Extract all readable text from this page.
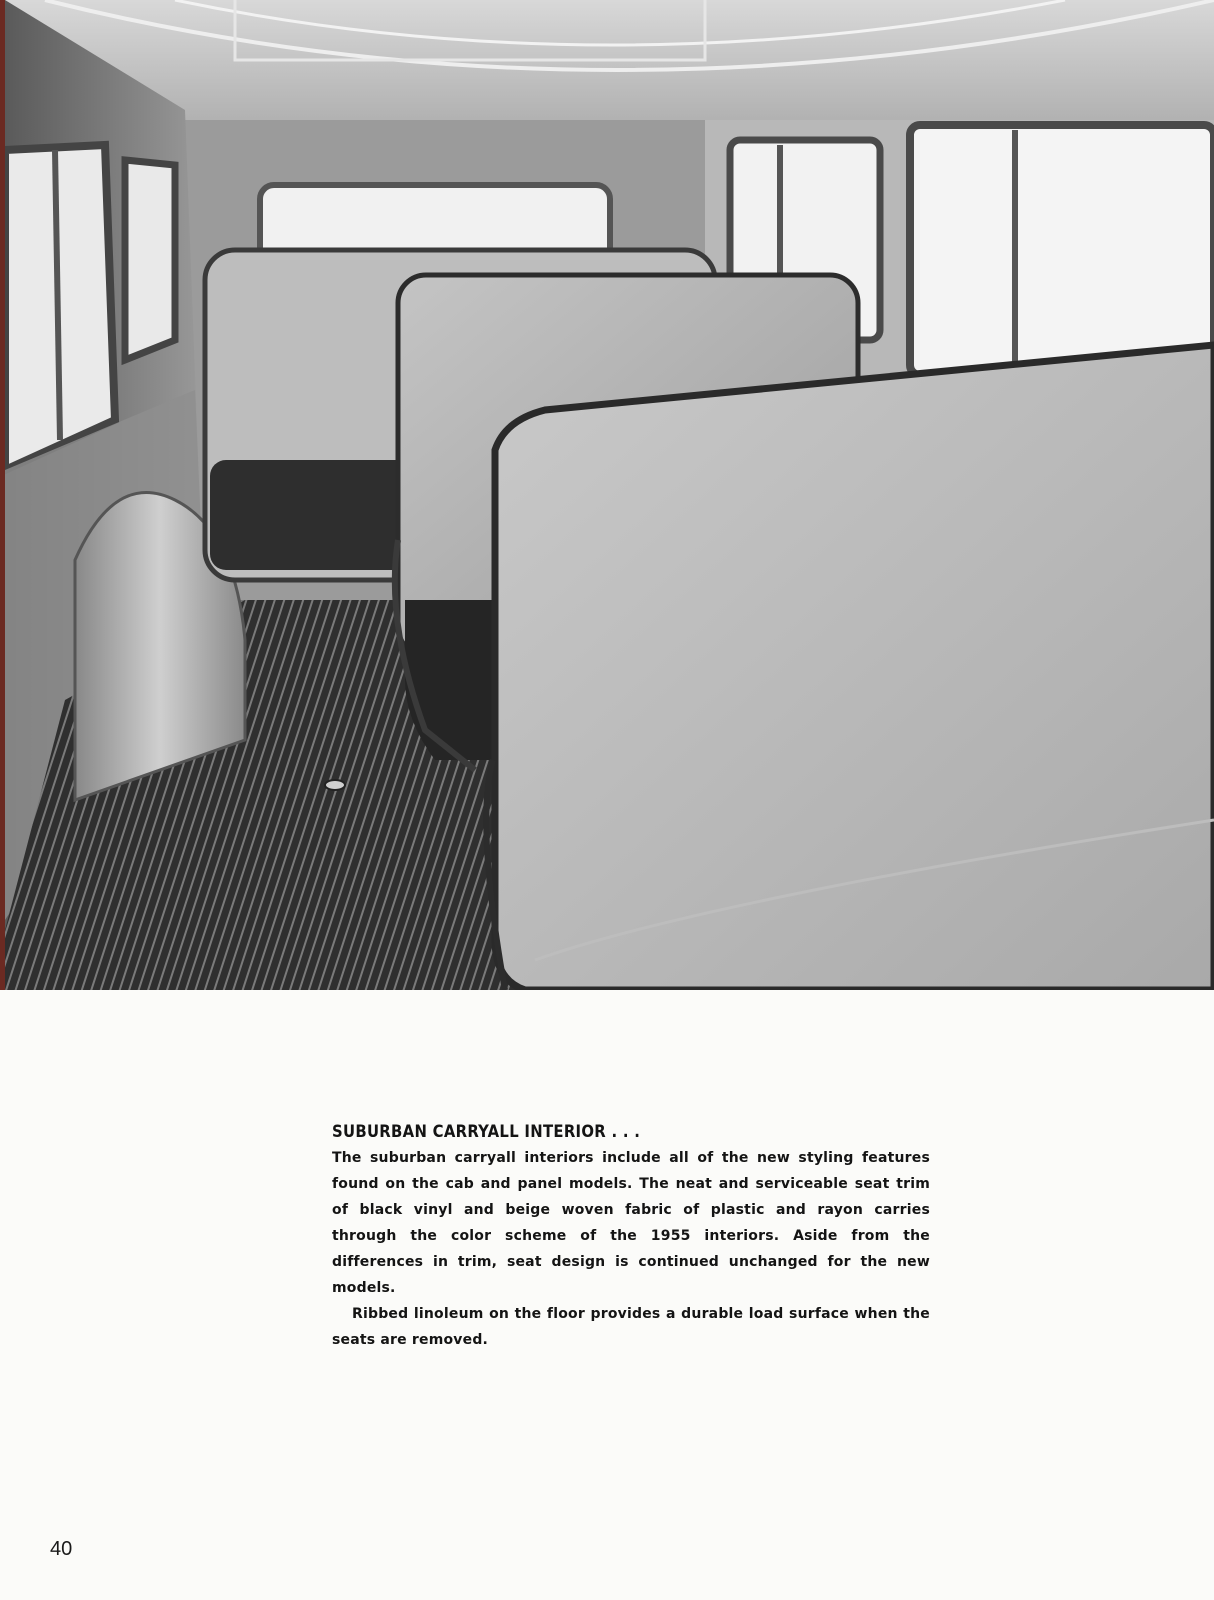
SUBURBAN CARRYALL INTERIOR . . .

The suburban carryall interiors include all of the new styling features found on the cab and panel models. The neat and serviceable seat trim of black vinyl and beige woven fabric of plastic and rayon carries through the color scheme of the 1955 interiors. Aside from the differences in trim, seat design is continued unchanged for the new models.

Ribbed linoleum on the floor provides a durable load surface when the seats are removed.

40
